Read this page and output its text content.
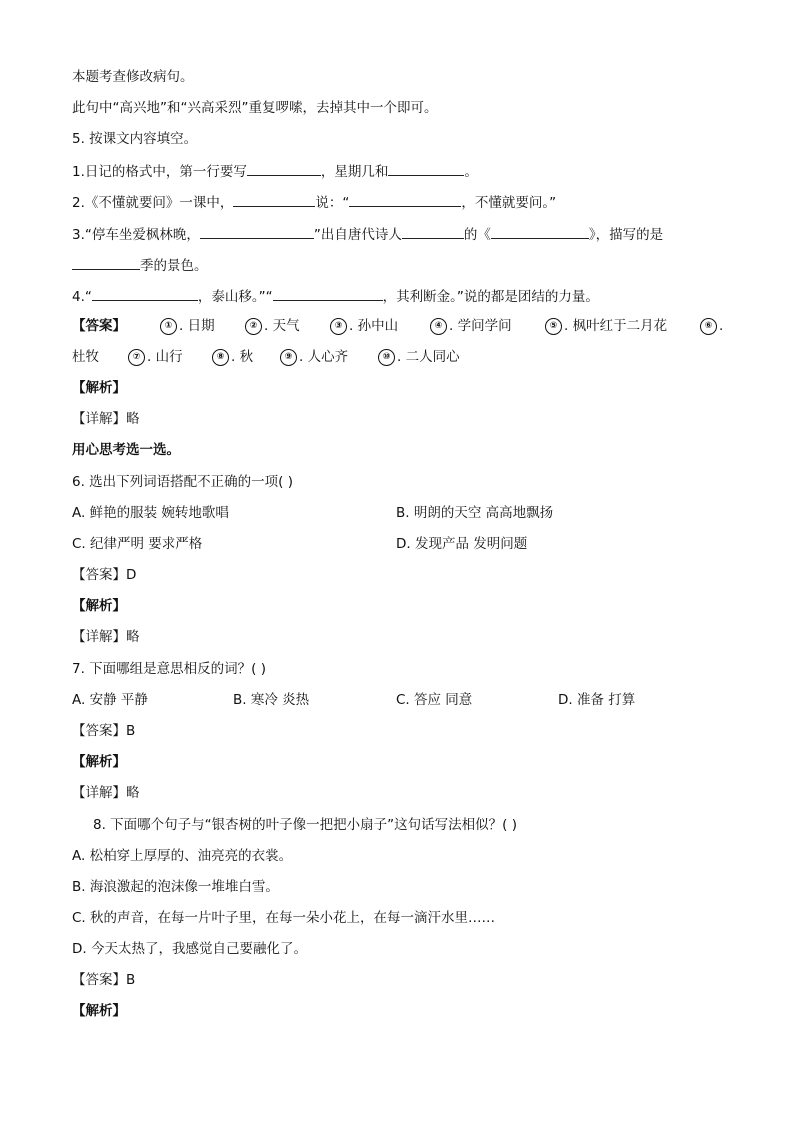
本题考查修改病句。
此句中“高兴地”和“兴高采烈”重复啰嗦，去掉其中一个即可。
5. 按课文内容填空。
1.日记的格式中，第一行要写	，星期几和	。
2.《不懂就要问》一课中，	说：“	，不懂就要问。”
3.“停车坐爱枫林晚，	”出自唐代诗人	的《	》，描写的是
季的景色。
4.“	，泰山移。”“	，其利断金。”说的都是团结的力量。
【答案】	① . 日期	② . 天气	③ . 孙中山	④ . 学问学问	⑤ . 枫叶红于二月花	⑥ .
杜牧	⑦ . 山行	⑧ . 秋	⑨ . 人心齐	⑩ . 二人同心
【解析】
【详解】略
用心思考选一选。
6. 选出下列词语搭配不正确的一项( )
A. 鲜艳的服装 婉转地歌唱	B. 明朗的天空 高高地飘扬
C. 纪律严明 要求严格	D. 发现产品 发明问题
【答案】D
【解析】
【详解】略
7. 下面哪组是意思相反的词？( )
A. 安静 平静	B. 寒冷 炎热	C. 答应 同意	D. 准备 打算
【答案】B
【解析】
【详解】略
8. 下面哪个句子与“银杏树的叶子像一把把小扇子”这句话写法相似？( )
A. 松柏穿上厚厚的、油亮亮的衣裳。
B. 海浪激起的泡沫像一堆堆白雪。
C. 秋的声音，在每一片叶子里，在每一朵小花上，在每一滴汗水里……
D. 今天太热了，我感觉自己要融化了。
【答案】B
【解析】
